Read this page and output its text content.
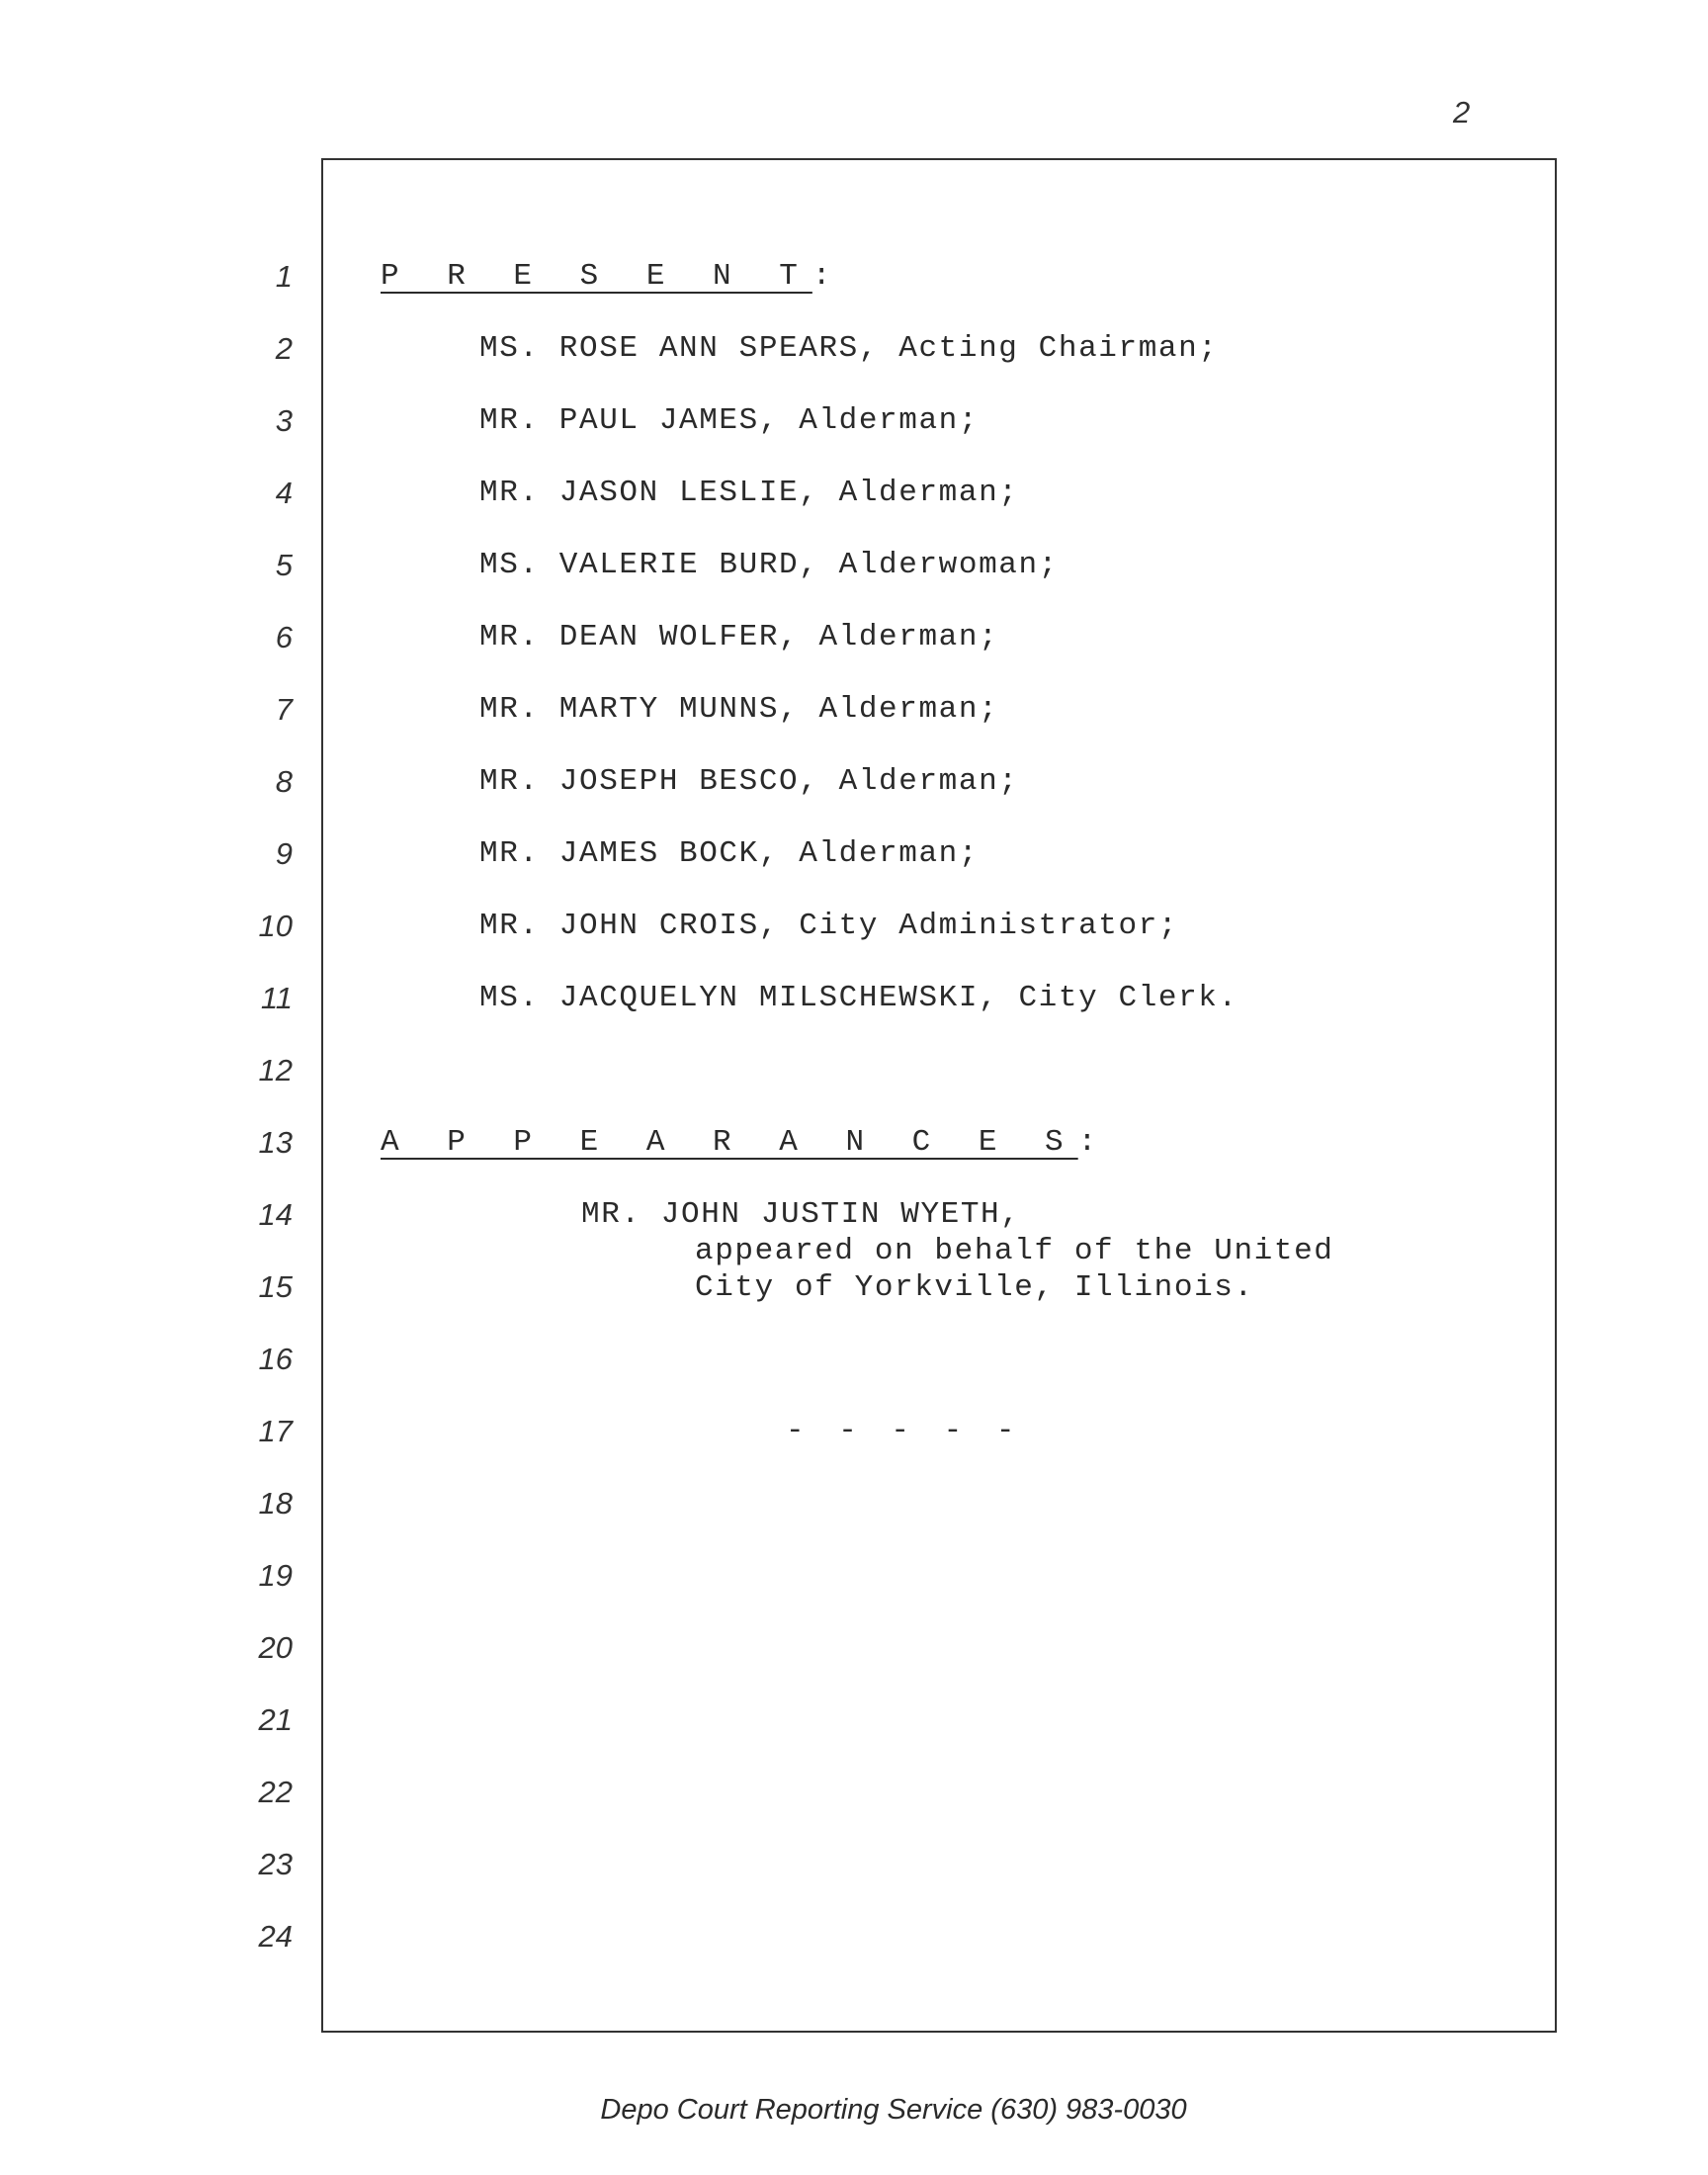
2
1
2
3
4
5
6
7
8
9
10
11
12
13
14
15
16
17
18
19
20
21
22
23
24
P R E S E N T:
MS. ROSE ANN SPEARS, Acting Chairman;
MR. PAUL JAMES, Alderman;
MR. JASON LESLIE, Alderman;
MS. VALERIE BURD, Alderwoman;
MR. DEAN WOLFER, Alderman;
MR. MARTY MUNNS, Alderman;
MR. JOSEPH BESCO, Alderman;
MR. JAMES BOCK, Alderman;
MR. JOHN CROIS, City Administrator;
MS. JACQUELYN MILSCHEWSKI, City Clerk.
A P P E A R A N C E S:
MR. JOHN JUSTIN WYETH,
appeared on behalf of the United
City of Yorkville, Illinois.
- - - - -
Depo Court Reporting Service (630) 983-0030
